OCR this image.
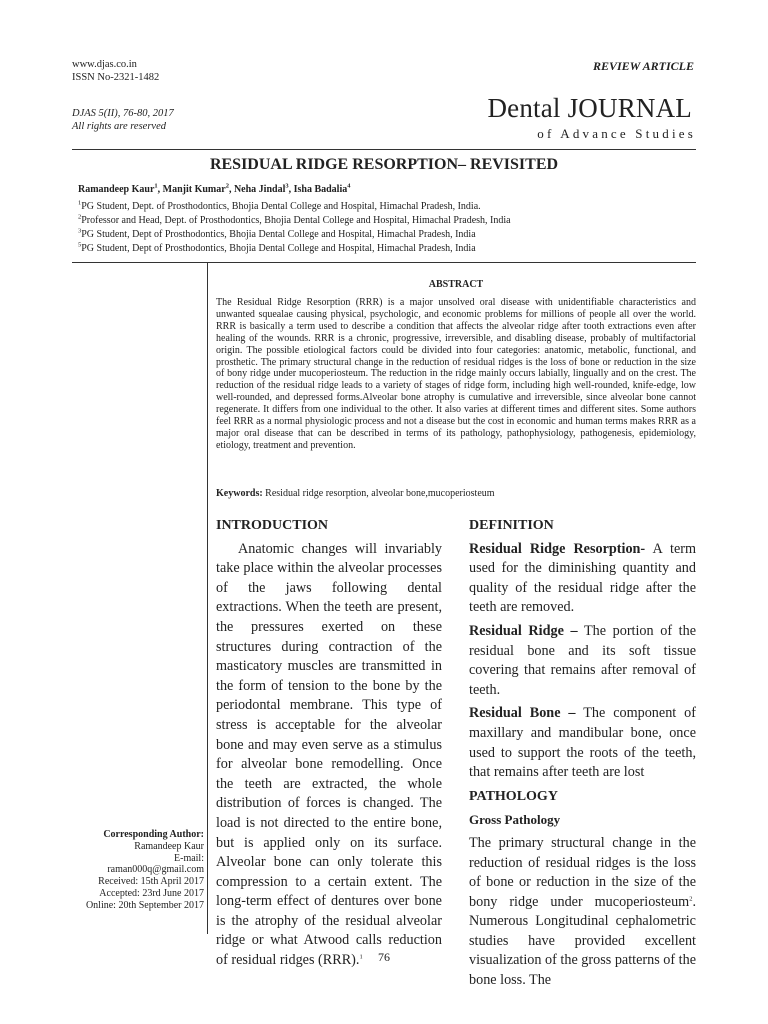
www.djas.co.in
ISSN No-2321-1482
DJAS 5(II), 76-80, 2017
All rights are reserved
REVIEW ARTICLE
Dental JOURNAL
of Advance Studies
RESIDUAL RIDGE RESORPTION– REVISITED
Ramandeep Kaur$^1$, Manjit Kumar$^2$, Neha Jindal$^3$, Isha Badalia$^4$
$^1$PG Student, Dept. of Prosthodontics, Bhojia Dental College and Hospital, Himachal Pradesh, India.
$^2$Professor and Head, Dept. of Prosthodontics, Bhojia Dental College and Hospital, Himachal Pradesh, India
$^3$PG Student, Dept of Prosthodontics, Bhojia Dental College and Hospital, Himachal Pradesh, India
$^5$PG Student, Dept of Prosthodontics, Bhojia Dental College and Hospital, Himachal Pradesh, India
ABSTRACT
The Residual Ridge Resorption (RRR) is a major unsolved oral disease with unidentifiable characteristics and unwanted squealae causing physical, psychologic, and economic problems for millions of people all over the world. RRR is basically a term used to describe a condition that affects the alveolar ridge after tooth extractions even after healing of the wounds. RRR is a chronic, progressive, irreversible, and disabling disease, probably of multifactorial origin. The possible etiological factors could be divided into four categories: anatomic, metabolic, functional, and prosthetic. The primary structural change in the reduction of residual ridges is the loss of bone or reduction in the size of bony ridge under mucoperiosteum. The reduction in the ridge mainly occurs labially, lingually and on the crest. The reduction of the residual ridge leads to a variety of stages of ridge form, including high well-rounded, knife-edge, low well-rounded, and depressed forms.Alveolar bone atrophy is cumulative and irreversible, since alveolar bone cannot regenerate. It differs from one individual to the other. It also varies at different times and different sites. Some authors feel RRR as a normal physiologic process and not a disease but the cost in economic and human terms makes RRR as a major oral disease that can be described in terms of its pathology, pathophysiology, pathogenesis, epidemiology, etiology, treatment and prevention.
Keywords: Residual ridge resorption, alveolar bone,mucoperiosteum
Corresponding Author:
Ramandeep Kaur
E-mail:
raman000q@gmail.com
Received: 15th April 2017
Accepted: 23rd June 2017
Online: 20th September 2017
INTRODUCTION

Anatomic changes will invariably take place within the alveolar processes of the jaws following dental extractions. When the teeth are present, the pressures exerted on these structures during contraction of the masticatory muscles are transmitted in the form of tension to the bone by the periodontal membrane. This type of stress is acceptable for the alveolar bone and may even serve as a stimulus for alveolar bone remodelling. Once the teeth are extracted, the whole distribution of forces is changed. The load is not directed to the entire bone, but is applied only on its surface. Alveolar bone can only tolerate this compression to a certain extent. The long-term effect of dentures over bone is the atrophy of the residual alveolar ridge or what Atwood calls reduction of residual ridges (RRR).$^1$

DEFINITION

Residual Ridge Resorption- A term used for the diminishing quantity and quality of the residual ridge after the teeth are removed.

Residual Ridge – The portion of the residual bone and its soft tissue covering that remains after removal of teeth.

Residual Bone – The component of maxillary and mandibular bone, once used to support the roots of the teeth, that remains after teeth are lost

PATHOLOGY
Gross Pathology

The primary structural change in the reduction of residual ridges is the loss of bone or reduction in the size of the bony ridge under mucoperiosteum$^2$. Numerous Longitudinal cephalometric studies have provided excellent visualization of the gross patterns of the bone loss. The

76
